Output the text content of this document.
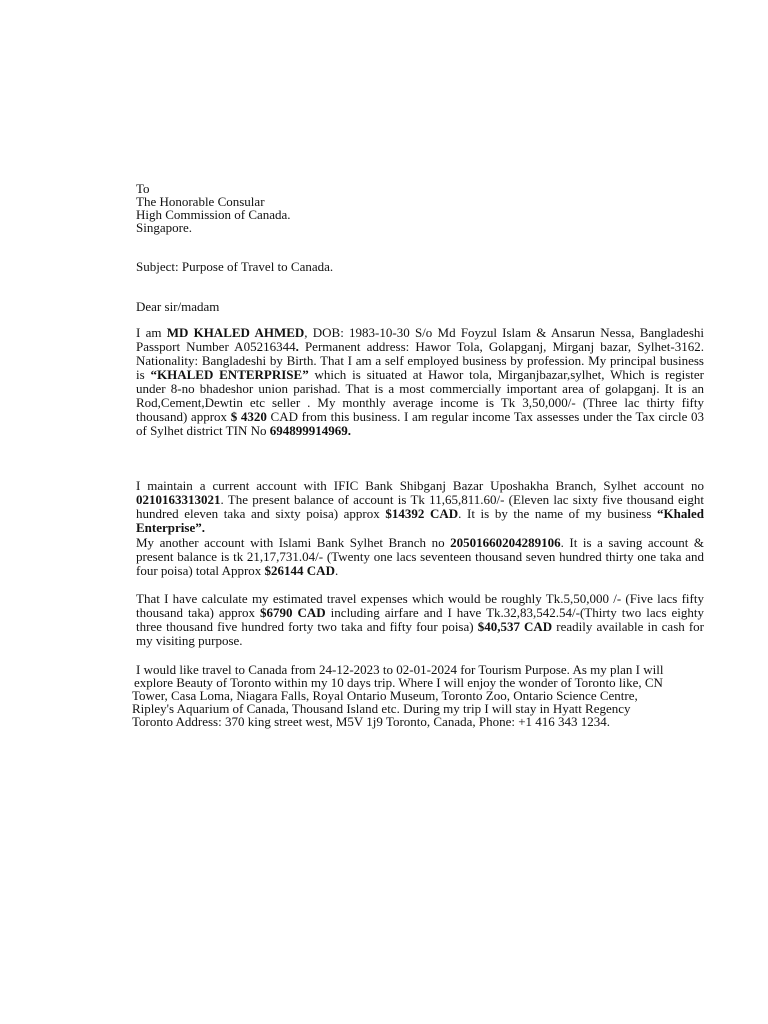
To
The Honorable Consular
High Commission of Canada.
Singapore.
Subject: Purpose of Travel to Canada.
Dear sir/madam
I am MD KHALED AHMED, DOB: 1983-10-30 S/o Md Foyzul Islam & Ansarun Nessa, Bangladeshi Passport Number A05216344. Permanent address: Hawor Tola, Golapganj, Mirganj bazar, Sylhet-3162. Nationality: Bangladeshi by Birth. That I am a self employed business by profession. My principal business is “KHALED ENTERPRISE” which is situated at Hawor tola, Mirganjbazar,sylhet, Which is register under 8-no bhadeshor union parishad. That is a most commercially important area of golapganj. It is an Rod,Cement,Dewtin etc seller . My monthly average income is Tk 3,50,000/- (Three lac thirty fifty thousand) approx $ 4320 CAD from this business. I am regular income Tax assesses under the Tax circle 03 of Sylhet district TIN No 694899914969.
I maintain a current account with IFIC Bank Shibganj Bazar Uposhakha Branch, Sylhet account no 0210163313021. The present balance of account is Tk 11,65,811.60/- (Eleven lac sixty five thousand eight hundred eleven taka and sixty poisa) approx $14392 CAD. It is by the name of my business “Khaled Enterprise”.
My another account with Islami Bank Sylhet Branch no 20501660204289106. It is a saving account & present balance is tk 21,17,731.04/- (Twenty one lacs seventeen thousand seven hundred thirty one taka and four poisa) total Approx $26144 CAD.
That I have calculate my estimated travel expenses which would be roughly Tk.5,50,000 /- (Five lacs fifty thousand taka) approx $6790 CAD including airfare and I have Tk.32,83,542.54/-(Thirty two lacs eighty three thousand five hundred forty two taka and fifty four poisa) $40,537 CAD readily available in cash for my visiting purpose.
I would like travel to Canada from 24-12-2023 to 02-01-2024 for Tourism Purpose. As my plan I will
explore Beauty of Toronto within my 10 days trip. Where I will enjoy the wonder of Toronto like, CN
Tower, Casa Loma, Niagara Falls, Royal Ontario Museum, Toronto Zoo, Ontario Science Centre,
Ripley's Aquarium of Canada, Thousand Island etc. During my trip I will stay in Hyatt Regency
Toronto Address: 370 king street west, M5V 1j9 Toronto, Canada, Phone: +1 416 343 1234.
